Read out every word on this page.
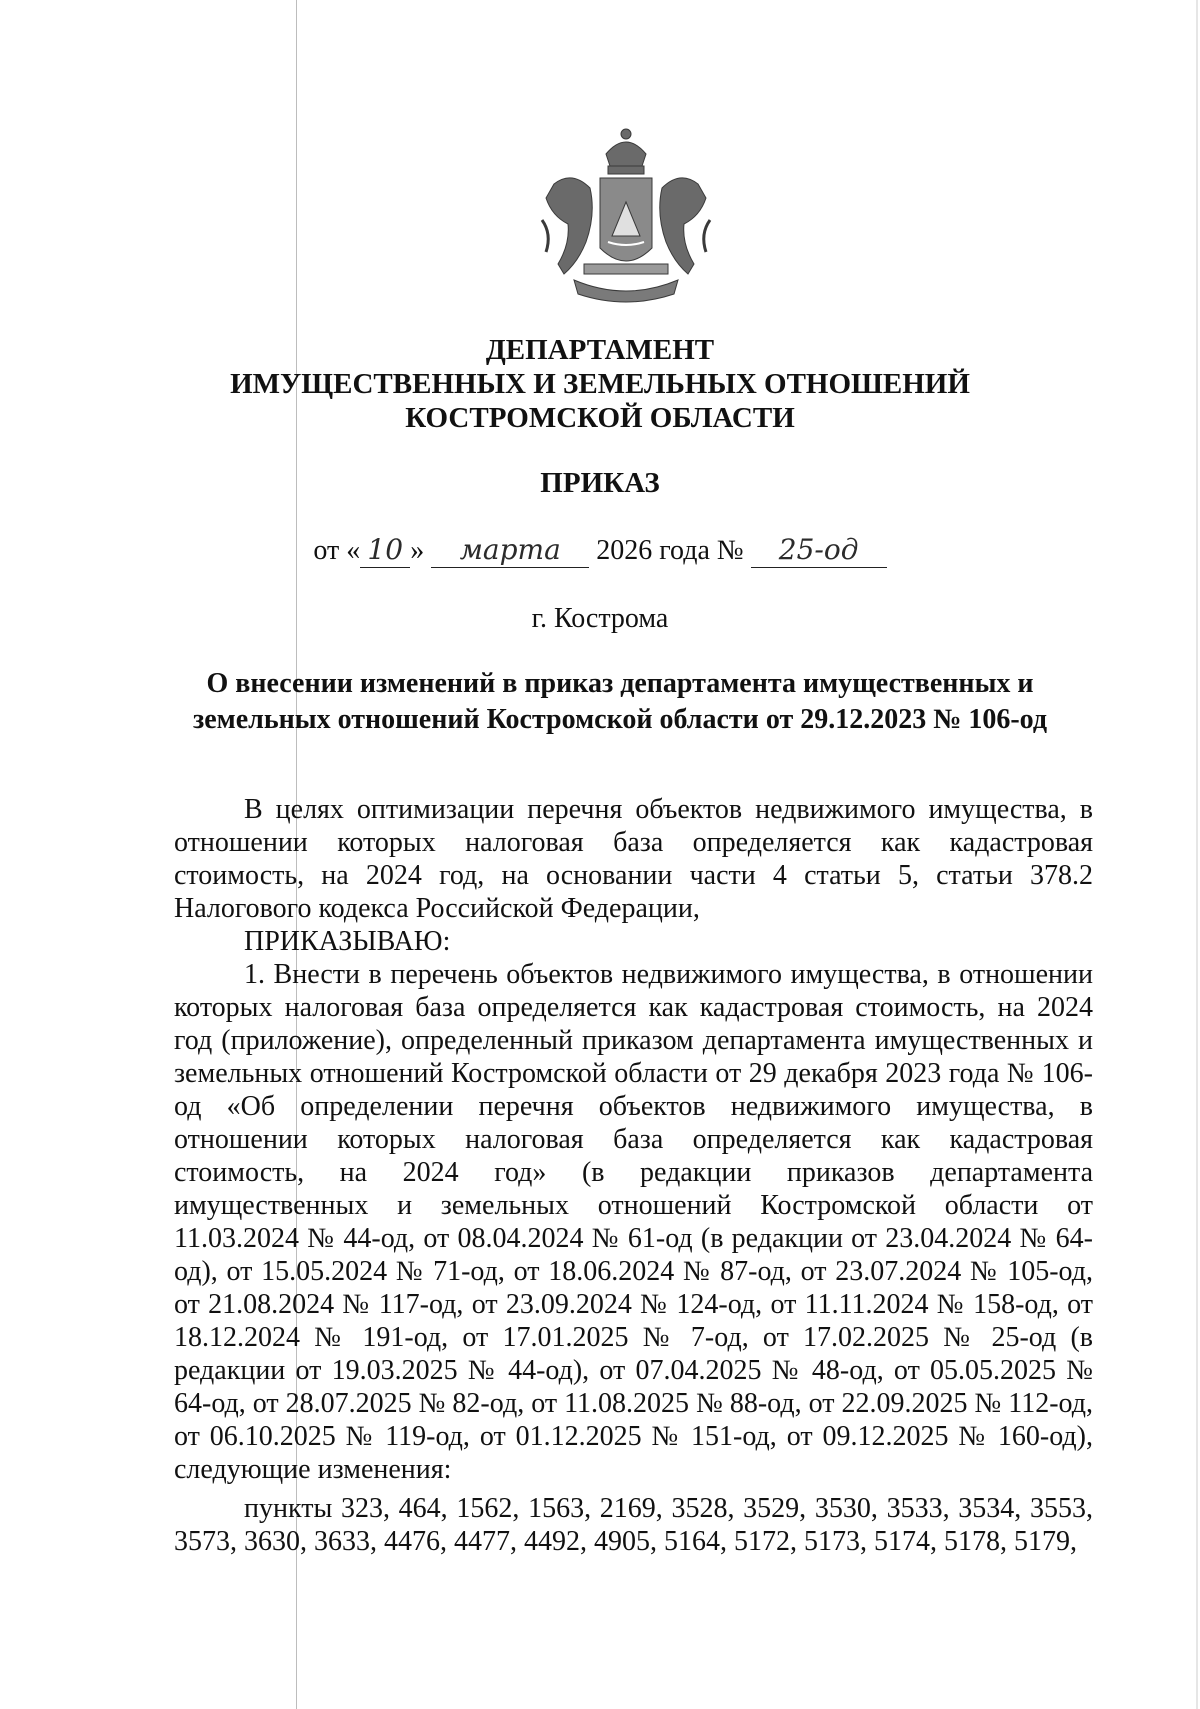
ДЕПАРТАМЕНТ
ИМУЩЕСТВЕННЫХ И ЗЕМЕЛЬНЫХ ОТНОШЕНИЙ
КОСТРОМСКОЙ ОБЛАСТИ
ПРИКАЗ
от « 10 » марта 2026 года № 25-од
г. Кострома
О внесении изменений в приказ департамента имущественных и
земельных отношений Костромской области от 29.12.2023 № 106-од

В целях оптимизации перечня объектов недвижимого имущества, в отношении которых налоговая база определяется как кадастровая стоимость, на 2024 год, на основании части 4 статьи 5, статьи 378.2 Налогового кодекса Российской Федерации,

ПРИКАЗЫВАЮ:

1. Внести в перечень объектов недвижимого имущества, в отношении которых налоговая база определяется как кадастровая стоимость, на 2024 год (приложение), определенный приказом департамента имущественных и земельных отношений Костромской области от 29 декабря 2023 года № 106-од «Об определении перечня объектов недвижимого имущества, в отношении которых налоговая база определяется как кадастровая стоимость, на 2024 год» (в редакции приказов департамента имущественных и земельных отношений Костромской области от 11.03.2024 № 44-од, от 08.04.2024 № 61-од (в редакции от 23.04.2024 № 64-од), от 15.05.2024 № 71-од, от 18.06.2024 № 87-од, от 23.07.2024 № 105-од, от 21.08.2024 № 117-од, от 23.09.2024 № 124-од, от 11.11.2024 № 158-од, от 18.12.2024 № 191-од, от 17.01.2025 № 7-од, от 17.02.2025 № 25-од (в редакции от 19.03.2025 № 44-од), от 07.04.2025 № 48-од, от 05.05.2025 № 64-од, от 28.07.2025 № 82-од, от 11.08.2025 № 88-од, от 22.09.2025 № 112-од, от 06.10.2025 № 119-од, от 01.12.2025 № 151-од, от 09.12.2025 № 160-од), следующие изменения:

пункты 323, 464, 1562, 1563, 2169, 3528, 3529, 3530, 3533, 3534, 3553, 3573, 3630, 3633, 4476, 4477, 4492, 4905, 5164, 5172, 5173, 5174, 5178, 5179,
